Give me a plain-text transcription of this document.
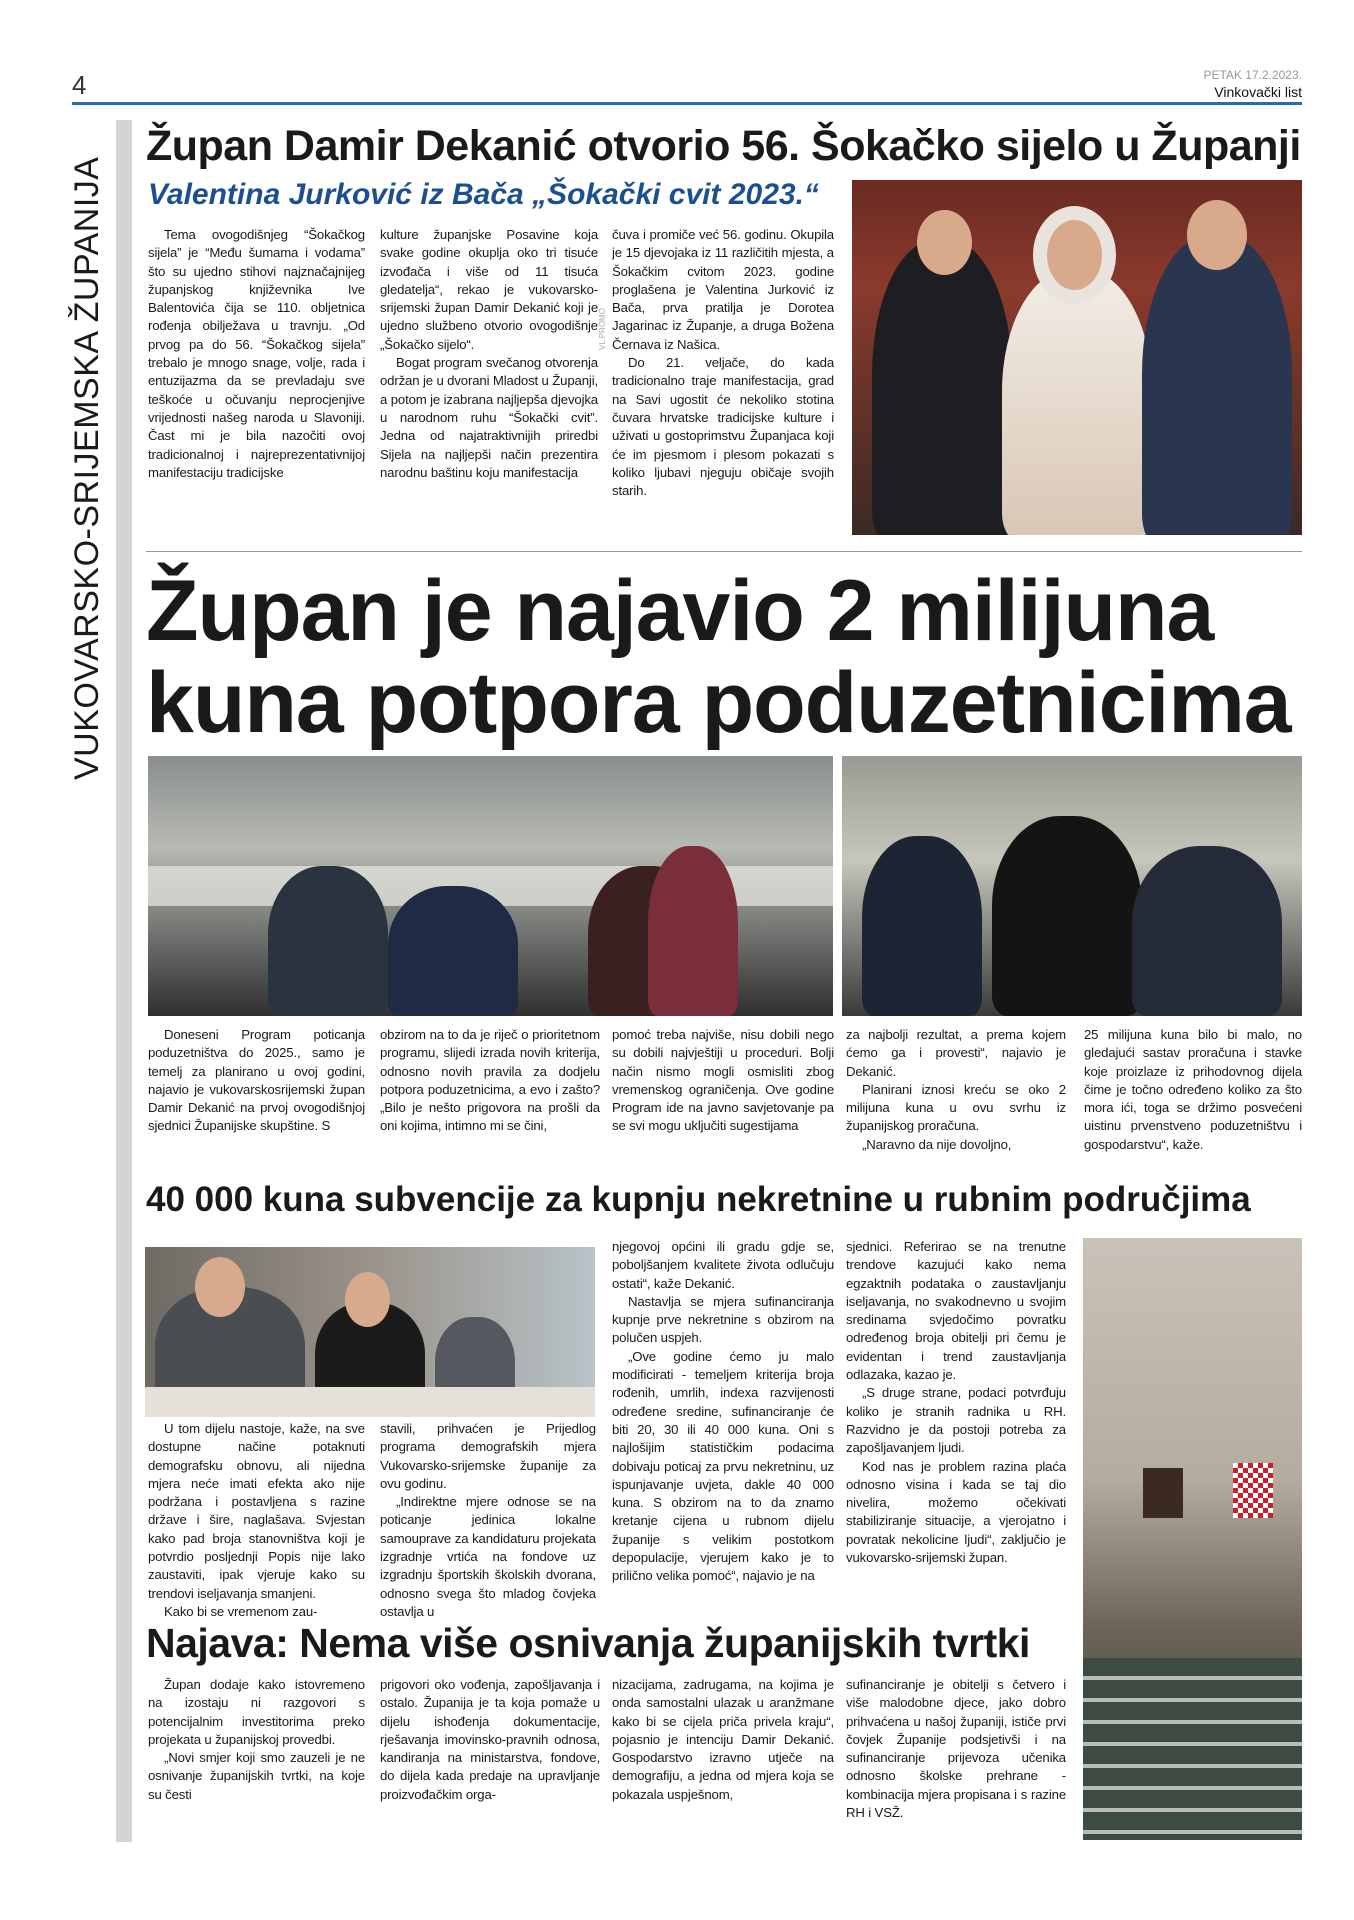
4	PETAK 17.2.2023.
Vinkovački list
VUKOVARSKO-SRIJEMSKA ŽUPANIJA
Župan Damir Dekanić otvorio 56. Šokačko sijelo u Županji
Valentina Jurković iz Bača „Šokački cvit 2023.“

Tema ovogodišnjeg “Šokačkog sijela” je “Među šumama i vodama” što su ujedno stihovi najznačajnijeg županjskog književnika Ive Balentovića čija se 110. obljetnica rođenja obilježava u travnju. „Od prvog pa do 56. “Šokačkog sijela” trebalo je mnogo snage, volje, rada i entuzijazma da se prevladaju sve teškoće u očuvanju neprocjenjive vrijednosti našeg naroda u Slavoniji. Čast mi je bila nazočiti ovoj tradicionalnoj i najreprezentativnijoj manifestaciju tradicijske

kulture županjske Posavine koja svake godine okuplja oko tri tisuće izvođača i više od 11 tisuća gledatelja“, rekao je vukovarsko-srijemski župan Damir Dekanić koji je ujedno službeno otvorio ovogodišnje „Šokačko sijelo“.

Bogat program svečanog otvorenja održan je u dvorani Mladost u Županji, a potom je izabrana najljepša djevojka u narodnom ruhu “Šokački cvit”. Jedna od najatraktivnijih priredbi Sijela na najljepši način prezentira narodnu baštinu koju manifestacija

VL PROMO

čuva i promiče već 56. godinu. Okupila je 15 djevojaka iz 11 različitih mjesta, a Šokačkim cvitom 2023. godine proglašena je Valentina Jurković iz Bača, prva pratilja je Dorotea Jagarinac iz Županje, a druga Božena Černava iz Našica.

Do 21. veljače, do kada tradicionalno traje manifestacija, grad na Savi ugostit će nekoliko stotina čuvara hrvatske tradicijske kulture i uživati u gostoprimstvu Županjaca koji će im pjesmom i plesom pokazati s koliko ljubavi njeguju običaje svojih starih.

Župan je najavio 2 milijuna
kuna potpora poduzetnicima

Doneseni Program poticanja poduzetništva do 2025., samo je temelj za planirano u ovoj godini, najavio je vukovarskosrijemski župan Damir Dekanić na prvoj ovogodišnjoj sjednici Županijske skupštine. S

obzirom na to da je riječ o prioritetnom programu, slijedi izrada novih kriterija, odnosno novih pravila za dodjelu potpora poduzetnicima, a evo i zašto? „Bilo je nešto prigovora na prošli da oni kojima, intimno mi se čini,

pomoć treba najviše, nisu dobili nego su dobili najvještiji u proceduri. Bolji način nismo mogli osmisliti zbog vremenskog ograničenja. Ove godine Program ide na javno savjetovanje pa se svi mogu uključiti sugestijama

za najbolji rezultat, a prema kojem ćemo ga i provesti“, najavio je Dekanić.

Planirani iznosi kreću se oko 2 milijuna kuna u ovu svrhu iz županijskog proračuna.

„Naravno da nije dovoljno,

25 milijuna kuna bilo bi malo, no gledajući sastav proračuna i stavke koje proizlaze iz prihodovnog dijela čime je točno određeno koliko za što mora ići, toga se držimo posvećeni uistinu prvenstveno poduzetništvu i gospodarstvu“, kaže.

40 000 kuna subvencije za kupnju nekretnine u rubnim područjima

U tom dijelu nastoje, kaže, na sve dostupne načine potaknuti demografsku obnovu, ali nijedna mjera neće imati efekta ako nije podržana i postavljena s razine države i šire, naglašava. Svjestan kako pad broja stanovništva koji je potvrdio posljednji Popis nije lako zaustaviti, ipak vjeruje kako su trendovi iseljavanja smanjeni.

Kako bi se vremenom zau-

stavili, prihvaćen je Prijedlog programa demografskih mjera Vukovarsko-srijemske županije za ovu godinu.

„Indirektne mjere odnose se na poticanje jedinica lokalne samouprave za kandidaturu projekata izgradnje vrtića na fondove uz izgradnju športskih školskih dvorana, odnosno svega što mladog čovjeka ostavlja u

njegovoj općini ili gradu gdje se, poboljšanjem kvalitete života odlučuju ostati“, kaže Dekanić.

Nastavlja se mjera sufinanciranja kupnje prve nekretnine s obzirom na polučen uspjeh.

„Ove godine ćemo ju malo modificirati - temeljem kriterija broja rođenih, umrlih, indexa razvijenosti određene sredine, sufinanciranje će biti 20, 30 ili 40 000 kuna. Oni s najlošijim statističkim podacima dobivaju poticaj za prvu nekretninu, uz ispunjavanje uvjeta, dakle 40 000 kuna. S obzirom na to da znamo kretanje cijena u rubnom dijelu županije s velikim postotkom depopulacije, vjerujem kako je to prilično velika pomoć“, najavio je na

sjednici. Referirao se na trenutne trendove kazujući kako nema egzaktnih podataka o zaustavljanju iseljavanja, no svakodnevno u svojim sredinama svjedočimo povratku određenog broja obitelji pri čemu je evidentan i trend zaustavljanja odlazaka, kazao je.

„S druge strane, podaci potvrđuju koliko je stranih radnika u RH. Razvidno je da postoji potreba za zapošljavanjem ljudi.

Kod nas je problem razina plaća odnosno visina i kada se taj dio nivelira, možemo očekivati stabiliziranje situacije, a vjerojatno i povratak nekolicine ljudi“, zaključio je vukovarsko-srijemski župan.

Najava: Nema više osnivanja županijskih tvrtki

Župan dodaje kako istovremeno na izostaju ni razgovori s potencijalnim investitorima preko projekata u županijskoj provedbi.

„Novi smjer koji smo zauzeli je ne osnivanje županijskih tvrtki, na koje su česti

prigovori oko vođenja, zapošljavanja i ostalo. Županija je ta koja pomaže u dijelu ishođenja dokumentacije, rješavanja imovinsko-pravnih odnosa, kandiranja na ministarstva, fondove, do dijela kada predaje na upravljanje proizvođačkim orga-

nizacijama, zadrugama, na kojima je onda samostalni ulazak u aranžmane kako bi se cijela priča privela kraju“, pojasnio je intenciju Damir Dekanić. Gospodarstvo izravno utječe na demografiju, a jedna od mjera koja se pokazala uspješnom,

sufinanciranje je obitelji s četvero i više malodobne djece, jako dobro prihvaćena u našoj županiji, ističe prvi čovjek Županije podsjetivši i na sufinanciranje prijevoza učenika odnosno školske prehrane - kombinacija mjera propisana i s razine RH i VSŽ.
